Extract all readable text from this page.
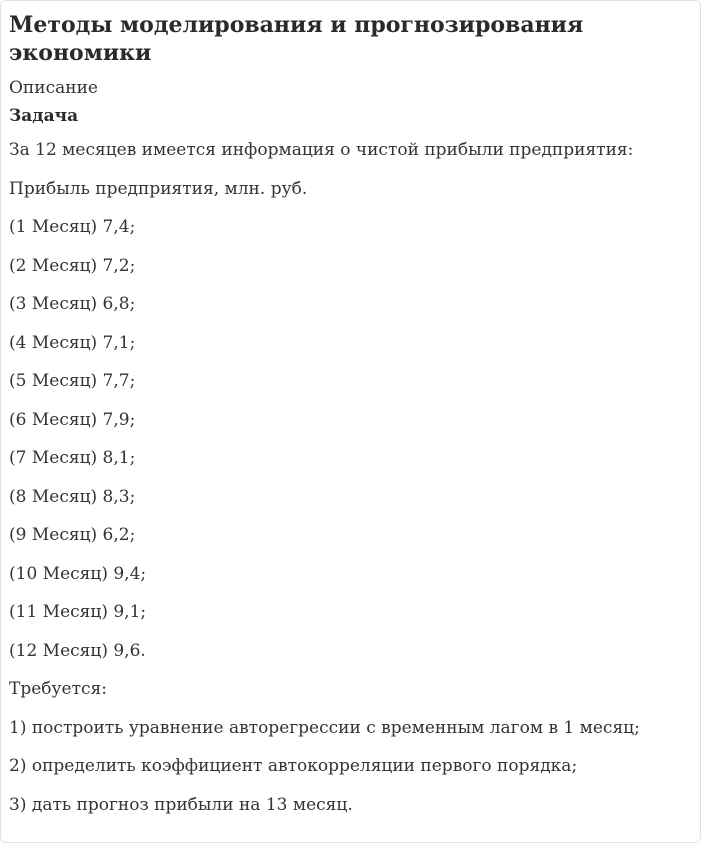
Методы моделирования и прогнозирования экономики
Описание
Задача

За 12 месяцев имеется информация о чистой прибыли предприятия:

Прибыль предприятия, млн. руб.

(1 Месяц) 7,4;

(2 Месяц) 7,2;

(3 Месяц) 6,8;

(4 Месяц) 7,1;

(5 Месяц) 7,7;

(6 Месяц) 7,9;

(7 Месяц) 8,1;

(8 Месяц) 8,3;

(9 Месяц) 6,2;

(10 Месяц) 9,4;

(11 Месяц) 9,1;

(12 Месяц) 9,6.

Требуется:

1) построить уравнение авторегрессии с временным лагом в 1 месяц;

2) определить коэффициент автокорреляции первого порядка;

3) дать прогноз прибыли на 13 месяц.
